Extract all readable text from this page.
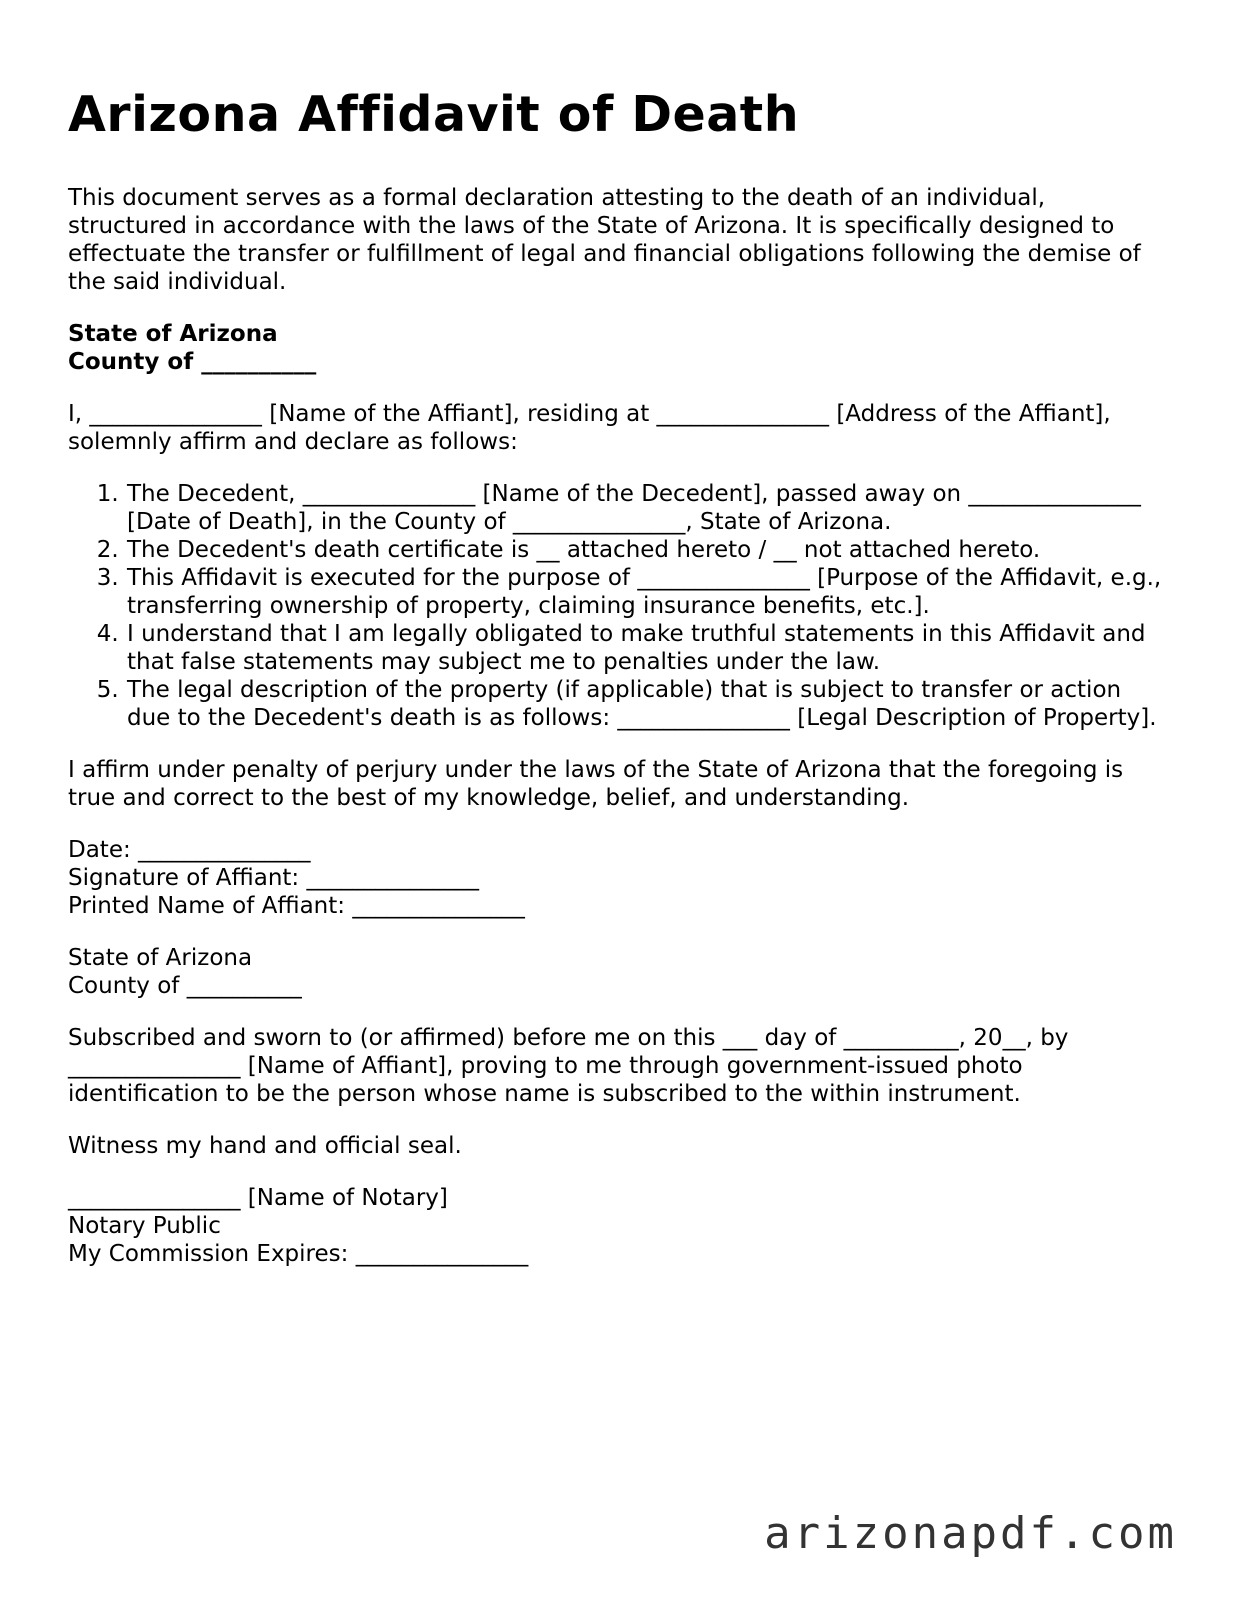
Arizona Affidavit of Death

This document serves as a formal declaration attesting to the death of an individual, structured in accordance with the laws of the State of Arizona. It is specifically designed to effectuate the transfer or fulfillment of legal and financial obligations following the demise of the said individual.

State of Arizona
County of __________

I, _______________ [Name of the Affiant], residing at _______________ [Address of the Affiant], solemnly affirm and declare as follows:

1. The Decedent, _______________ [Name of the Decedent], passed away on _______________ [Date of Death], in the County of _______________, State of Arizona.
2. The Decedent's death certificate is __ attached hereto / __ not attached hereto.
3. This Affidavit is executed for the purpose of _______________ [Purpose of the Affidavit, e.g., transferring ownership of property, claiming insurance benefits, etc.].
4. I understand that I am legally obligated to make truthful statements in this Affidavit and that false statements may subject me to penalties under the law.
5. The legal description of the property (if applicable) that is subject to transfer or action due to the Decedent's death is as follows: _______________ [Legal Description of Property].

I affirm under penalty of perjury under the laws of the State of Arizona that the foregoing is true and correct to the best of my knowledge, belief, and understanding.

Date: _______________
Signature of Affiant: _______________
Printed Name of Affiant: _______________

State of Arizona
County of __________

Subscribed and sworn to (or affirmed) before me on this ___ day of __________, 20__, by _______________ [Name of Affiant], proving to me through government-issued photo identification to be the person whose name is subscribed to the within instrument.

Witness my hand and official seal.

_______________ [Name of Notary]
Notary Public
My Commission Expires: _______________

arizonapdf.com
